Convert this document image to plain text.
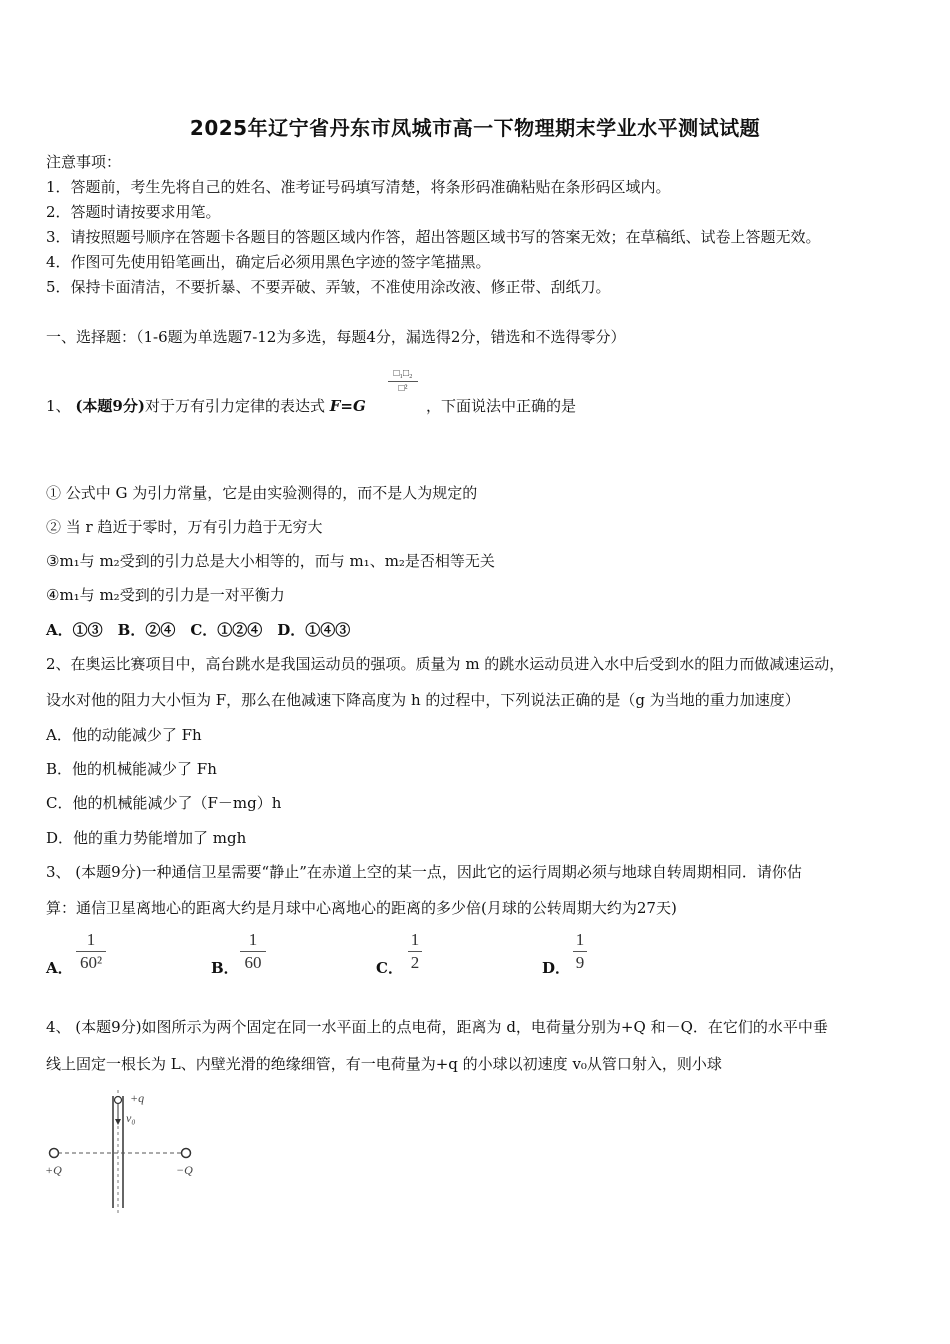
2025年辽宁省丹东市凤城市高一下物理期末学业水平测试试题
注意事项：
1．答题前，考生先将自己的姓名、准考证号码填写清楚，将条形码准确粘贴在条形码区域内。
2．答题时请按要求用笔。
3．请按照题号顺序在答题卡各题目的答题区域内作答，超出答题区域书写的答案无效；在草稿纸、试卷上答题无效。
4．作图可先使用铅笔画出，确定后必须用黑色字迹的签字笔描黑。
5．保持卡面清洁，不要折暴、不要弄破、弄皱，不准使用涂改液、修正带、刮纸刀。
一、选择题：（1-6题为单选题7-12为多选，每题4分，漏选得2分，错选和不选得零分）
1、 (本题9分)对于万有引力定律的表达式 F=G
□₁□₂
□²
，下面说法中正确的是
① 公式中 G 为引力常量，它是由实验测得的，而不是人为规定的
② 当 r 趋近于零时，万有引力趋于无穷大
③m₁与 m₂受到的引力总是大小相等的，而与 m₁、m₂是否相等无关
④m₁与 m₂受到的引力是一对平衡力
A．①③　B．②④　C．①②④　D．①④③
2、在奥运比赛项目中，高台跳水是我国运动员的强项。质量为 m 的跳水运动员进入水中后受到水的阻力而做减速运动，
设水对他的阻力大小恒为 F，那么在他减速下降高度为 h 的过程中，下列说法正确的是（g 为当地的重力加速度）
A．他的动能减少了 Fh
B．他的机械能减少了 Fh
C．他的机械能减少了（F－mg）h
D．他的重力势能增加了 mgh
3、 (本题9分)一种通信卫星需要“静止”在赤道上空的某一点，因此它的运行周期必须与地球自转周期相同．请你估
算：通信卫星离地心的距离大约是月球中心离地心的距离的多少倍(月球的公转周期大约为27天)
A．
1
60²	B．
1
60	C．
1
2	D．
1
9
4、 (本题9分)如图所示为两个固定在同一水平面上的点电荷，距离为 d，电荷量分别为+Q 和－Q．在它们的水平中垂
线上固定一根长为 L、内壁光滑的绝缘细管，有一电荷量为+q 的小球以初速度 v₀从管口射入，则小球
+q
v₀
+Q	−Q
